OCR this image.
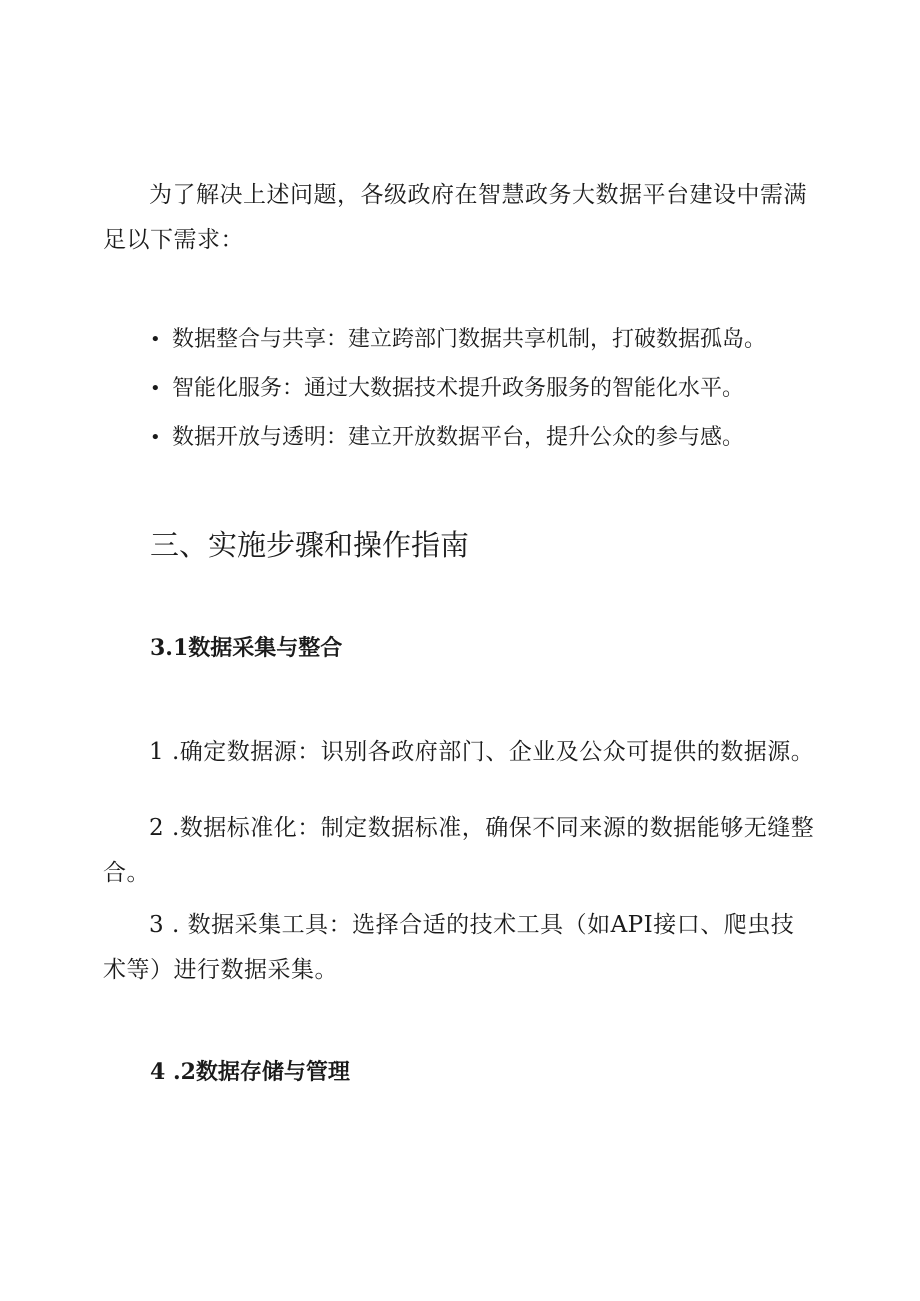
为了解决上述问题，各级政府在智慧政务大数据平台建设中需满足以下需求：

• 数据整合与共享：建立跨部门数据共享机制，打破数据孤岛。
• 智能化服务：通过大数据技术提升政务服务的智能化水平。
• 数据开放与透明：建立开放数据平台，提升公众的参与感。
三、实施步骤和操作指南
3.1数据采集与整合

1 .确定数据源：识别各政府部门、企业及公众可提供的数据源。

2 .数据标准化：制定数据标准，确保不同来源的数据能够无缝整合。

3 . 数据采集工具：选择合适的技术工具（如API接口、爬虫技术等）进行数据采集。

4 .2数据存储与管理
